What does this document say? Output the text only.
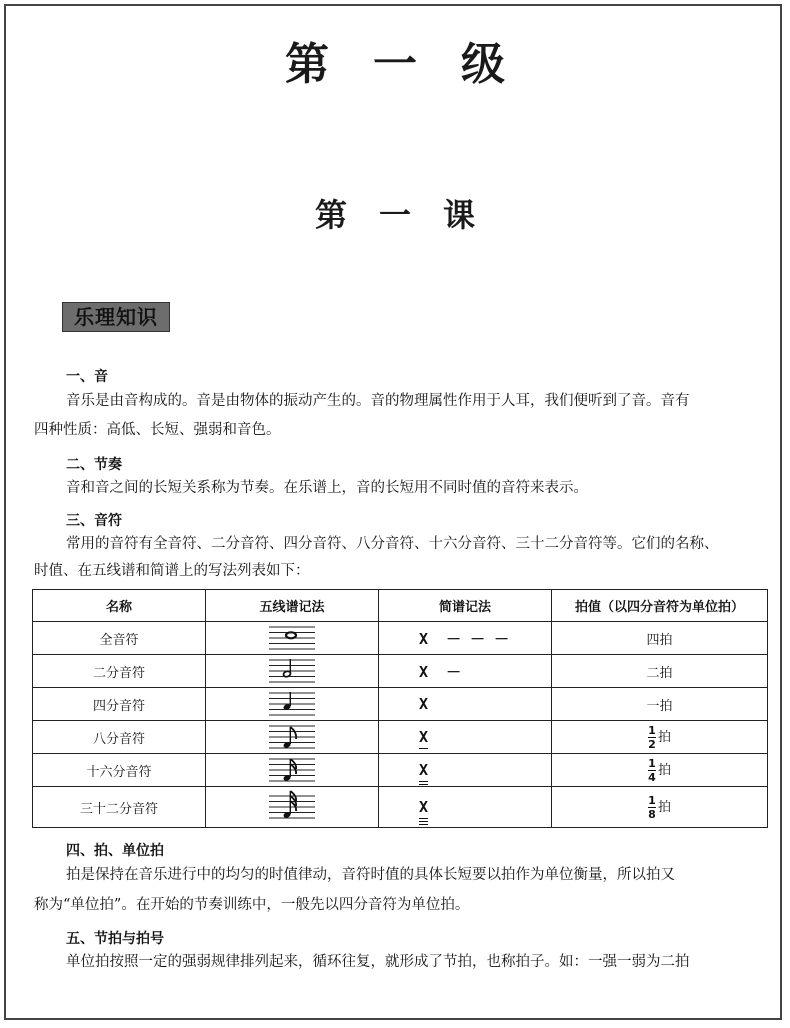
第一级
第一课
乐理知识
一、音
音乐是由音构成的。音是由物体的振动产生的。音的物理属性作用于人耳，我们便听到了音。音有
四种性质：高低、长短、强弱和音色。
二、节奏
音和音之间的长短关系称为节奏。在乐谱上，音的长短用不同时值的音符来表示。
三、音符
常用的音符有全音符、二分音符、四分音符、八分音符、十六分音符、三十二分音符等。它们的名称、
时值、在五线谱和简谱上的写法列表如下：
名称	五线谱记法	简谱记法	拍值（以四分音符为单位拍）
全音符		X － － －	四拍
二分音符		X －	二拍
四分音符		X	一拍
八分音符		X	$\frac{1}{2}$ 拍
十六分音符		X	$\frac{1}{4}$ 拍
三十二分音符		X	$\frac{1}{8}$ 拍
四、拍、单位拍
拍是保持在音乐进行中的均匀的时值律动，音符时值的具体长短要以拍作为单位衡量，所以拍又
称为“单位拍”。在开始的节奏训练中，一般先以四分音符为单位拍。
五、节拍与拍号
单位拍按照一定的强弱规律排列起来，循环往复，就形成了节拍，也称拍子。如：一强一弱为二拍
